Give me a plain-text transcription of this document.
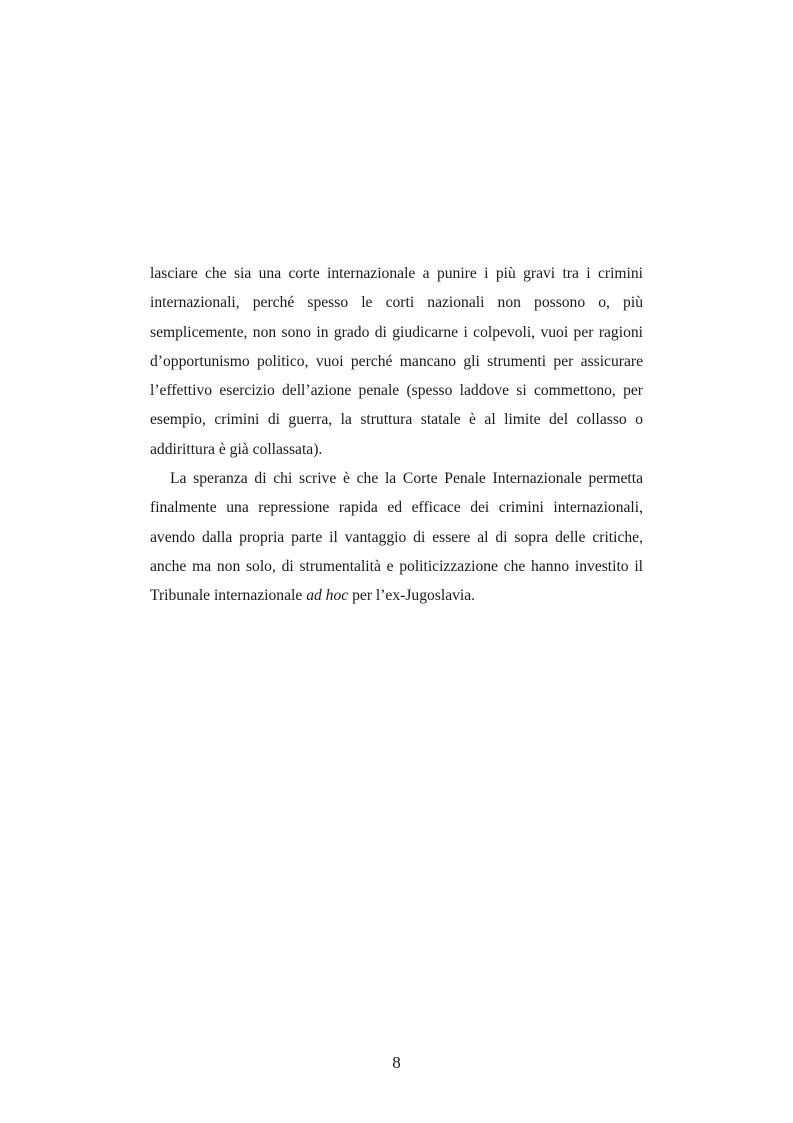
lasciare che sia una corte internazionale a punire i più gravi tra i crimini
internazionali, perché spesso le corti nazionali non possono o, più
semplicemente, non sono in grado di giudicarne i colpevoli, vuoi per ragioni
d’opportunismo politico, vuoi perché mancano gli strumenti per assicurare
l’effettivo esercizio dell’azione penale (spesso laddove si commettono, per
esempio, crimini di guerra, la struttura statale è al limite del collasso o
addirittura è già collassata).

La speranza di chi scrive è che la Corte Penale Internazionale permetta
finalmente una repressione rapida ed efficace dei crimini internazionali,
avendo dalla propria parte il vantaggio di essere al di sopra delle critiche,
anche ma non solo, di strumentalità e politicizzazione che hanno investito il
Tribunale internazionale ad hoc per l’ex-Jugoslavia.

8
